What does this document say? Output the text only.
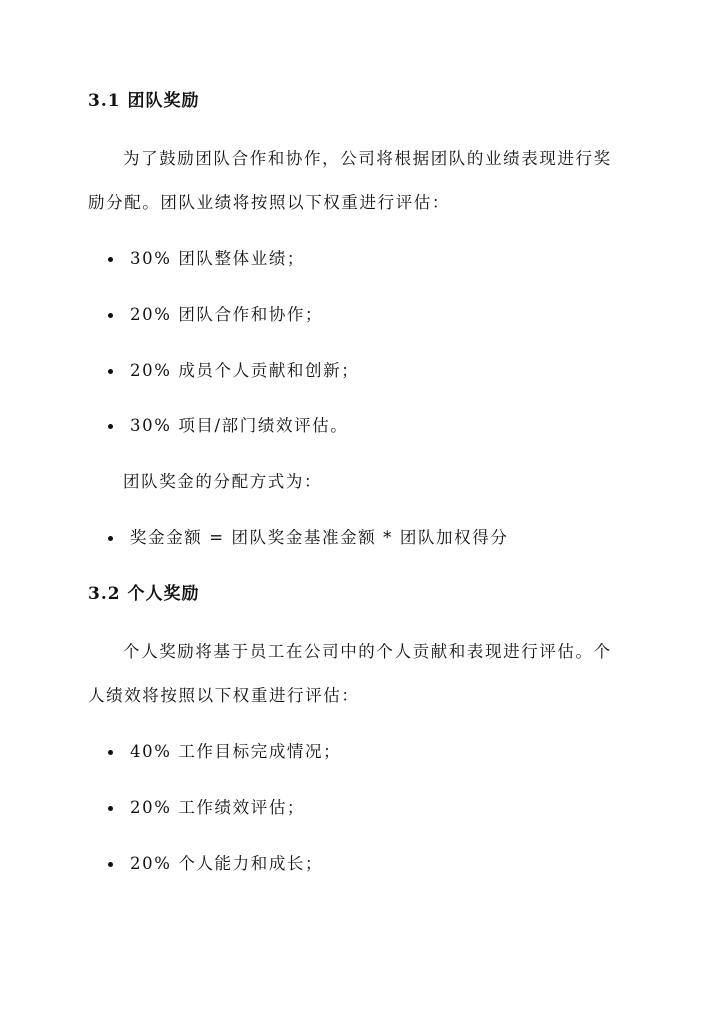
3.1 团队奖励
为了鼓励团队合作和协作，公司将根据团队的业绩表现进行奖
励分配。团队业绩将按照以下权重进行评估：
30% 团队整体业绩；
20% 团队合作和协作；
20% 成员个人贡献和创新；
30% 项目/部门绩效评估。
团队奖金的分配方式为：
奖金金额 = 团队奖金基准金额 * 团队加权得分
3.2 个人奖励
个人奖励将基于员工在公司中的个人贡献和表现进行评估。个
人绩效将按照以下权重进行评估：
40% 工作目标完成情况；
20% 工作绩效评估；
20% 个人能力和成长；
